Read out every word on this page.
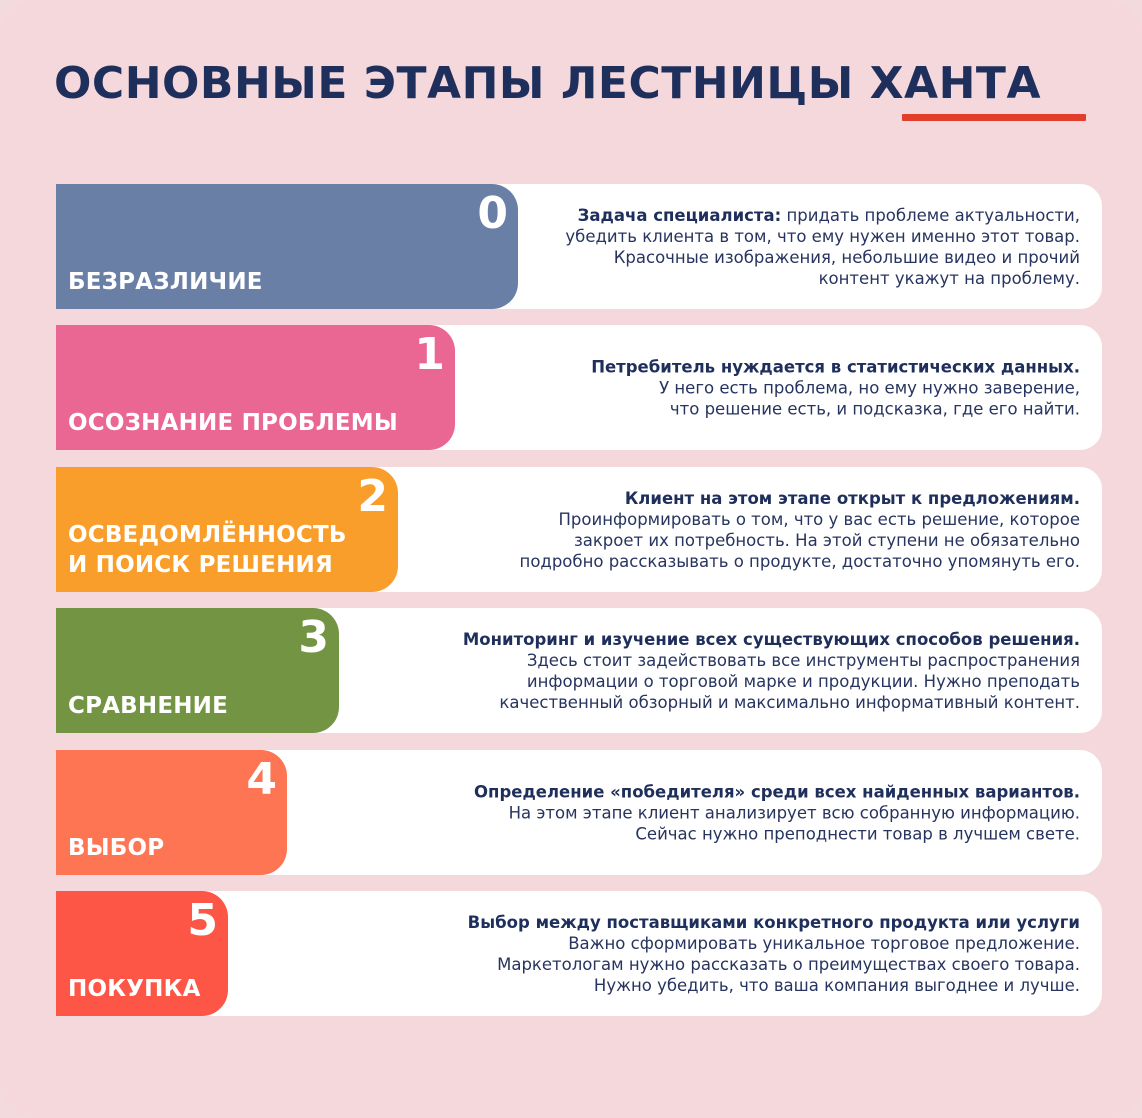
ОСНОВНЫЕ ЭТАПЫ ЛЕСТНИЦЫ ХАНТА
0
БЕЗРАЗЛИЧИЕ
Задача специалиста: придать проблеме актуальности,
убедить клиента в том, что ему нужен именно этот товар.
Красочные изображения, небольшие видео и прочий
контент укажут на проблему.
1
ОСОЗНАНИЕ ПРОБЛЕМЫ
Петребитель нуждается в статистических данных.
У него есть проблема, но ему нужно заверение,
что решение есть, и подсказка, где его найти.
2
ОСВЕДОМЛЁННОСТЬ
И ПОИСК РЕШЕНИЯ
Клиент на этом этапе открыт к предложениям.
Проинформировать о том, что у вас есть решение, которое
закроет их потребность. На этой ступени не обязательно
подробно рассказывать о продукте, достаточно упомянуть его.
3
СРАВНЕНИЕ
Мониторинг и изучение всех существующих способов решения.
Здесь стоит задействовать все инструменты распространения
информации о торговой марке и продукции. Нужно преподать
качественный обзорный и максимально информативный контент.
4
ВЫБОР
Определение «победителя» среди всех найденных вариантов.
На этом этапе клиент анализирует всю собранную информацию.
Сейчас нужно преподнести товар в лучшем свете.
5
ПОКУПКА
Выбор между поставщиками конкретного продукта или услуги
Важно сформировать уникальное торговое предложение.
Маркетологам нужно рассказать о преимуществах своего товара.
Нужно убедить, что ваша компания выгоднее и лучше.
